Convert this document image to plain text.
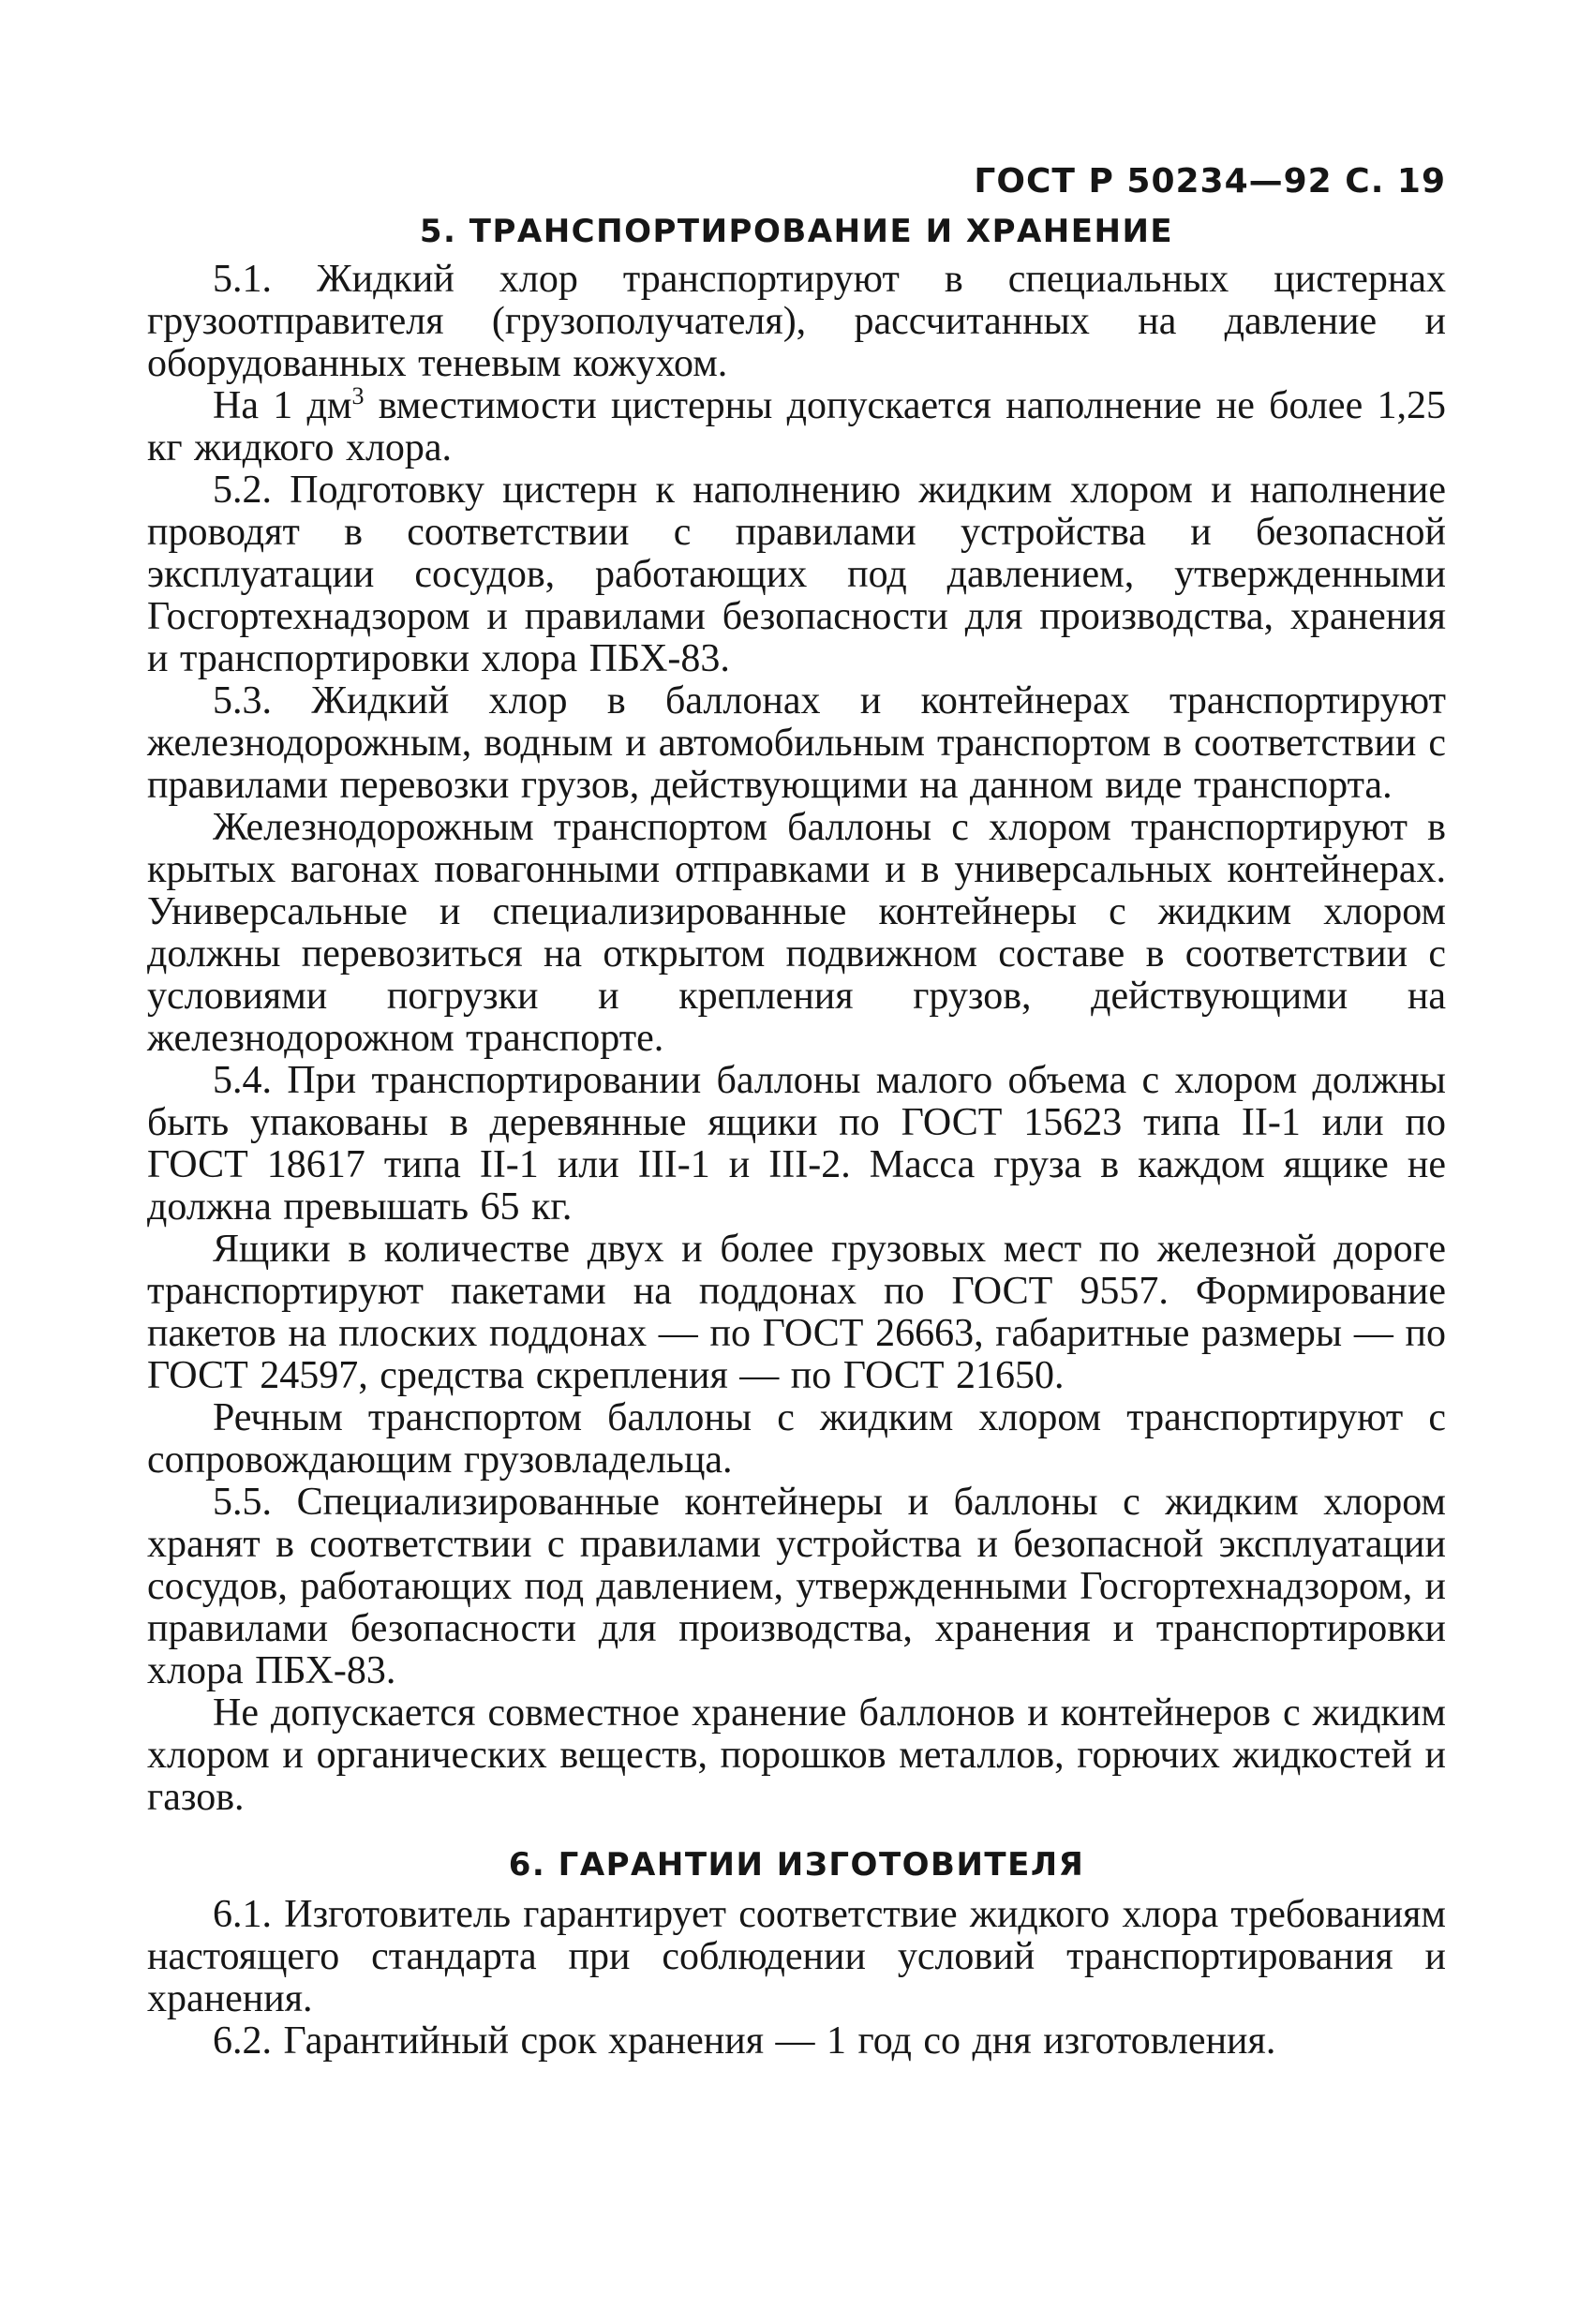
ГОСТ Р 50234—92 С. 19
5. ТРАНСПОРТИРОВАНИЕ И ХРАНЕНИЕ

5.1. Жидкий хлор транспортируют в специальных цистернах грузоотправителя (грузополучателя), рассчитанных на давление и оборудованных теневым кожухом.

На 1 $дм^3$ вместимости цистерны допускается наполнение не более 1,25 кг жидкого хлора.

5.2. Подготовку цистерн к наполнению жидким хлором и наполнение проводят в соответствии с правилами устройства и безопасной эксплуатации сосудов, работающих под давлением, утвержденными Госгортехнадзором и правилами безопасности для производства, хранения и транспортировки хлора ПБХ-83.

5.3. Жидкий хлор в баллонах и контейнерах транспортируют железнодорожным, водным и автомобильным транспортом в соответствии с правилами перевозки грузов, действующими на данном виде транспорта.

Железнодорожным транспортом баллоны с хлором транспортируют в крытых вагонах повагонными отправками и в универсальных контейнерах. Универсальные и специализированные контейнеры с жидким хлором должны перевозиться на открытом подвижном составе в соответствии с условиями погрузки и крепления грузов, действующими на железнодорожном транспорте.

5.4. При транспортировании баллоны малого объема с хлором должны быть упакованы в деревянные ящики по ГОСТ 15623 типа II-1 или по ГОСТ 18617 типа II-1 или III-1 и III-2. Масса груза в каждом ящике не должна превышать 65 кг.

Ящики в количестве двух и более грузовых мест по железной дороге транспортируют пакетами на поддонах по ГОСТ 9557. Формирование пакетов на плоских поддонах — по ГОСТ 26663, габаритные размеры — по ГОСТ 24597, средства скрепления — по ГОСТ 21650.

Речным транспортом баллоны с жидким хлором транспортируют с сопровождающим грузовладельца.

5.5. Специализированные контейнеры и баллоны с жидким хлором хранят в соответствии с правилами устройства и безопасной эксплуатации сосудов, работающих под давлением, утвержденными Госгортехнадзором, и правилами безопасности для производства, хранения и транспортировки хлора ПБХ-83.

Не допускается совместное хранение баллонов и контейнеров с жидким хлором и органических веществ, порошков металлов, горючих жидкостей и газов.

6. ГАРАНТИИ ИЗГОТОВИТЕЛЯ

6.1. Изготовитель гарантирует соответствие жидкого хлора требованиям настоящего стандарта при соблюдении условий транспортирования и хранения.

6.2. Гарантийный срок хранения — 1 год со дня изготовления.
